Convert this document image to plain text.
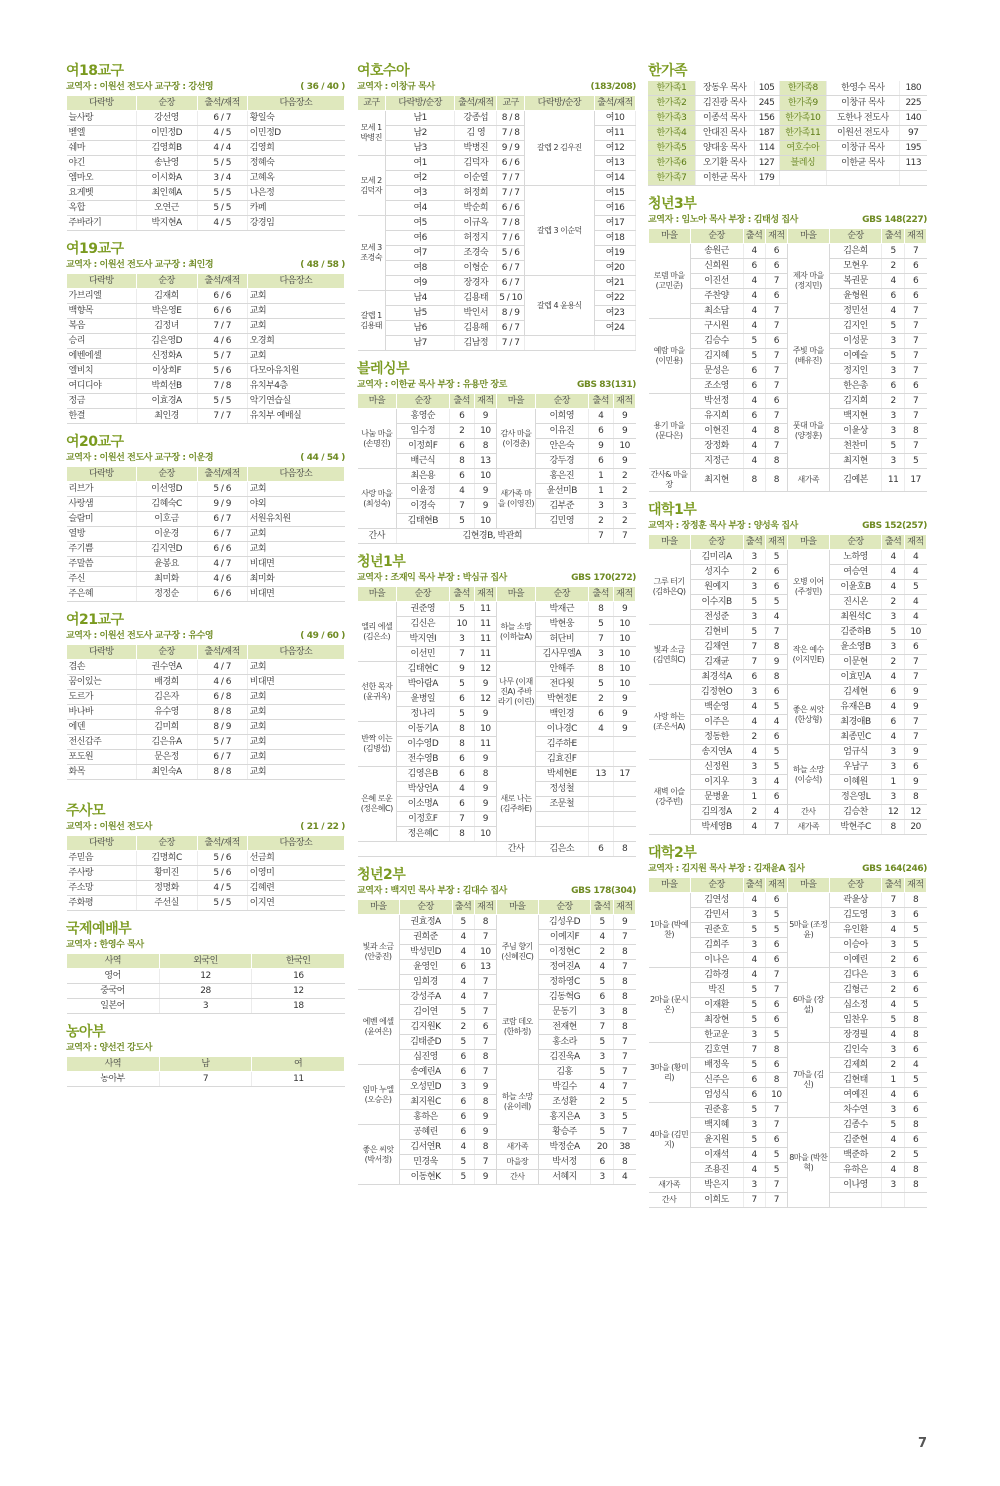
여18교구
교역자 : 이원선 전도사 교구장 : 강선영	( 36 / 40 )
다락방	순장	출석/재적	다음장소
늘사랑	강선영	6 / 7	황일숙
벧엘	이민정D	4 / 5	이민정D
쉐마	김영희B	4 / 4	김영희
야긴	송난영	5 / 5	정혜숙
엠마오	이시화A	3 / 4	고혜옥
요게벳	최인혜A	5 / 5	나은정
옥합	오연근	5 / 5	카페
주바라기	박지현A	4 / 5	강경임
여19교구
교역자 : 이원선 전도사 교구장 : 최인경	( 48 / 58 )
다락방	순장	출석/재적	다음장소
가브리엘	김재희	6 / 6	교회
백향목	박은영E	6 / 6	교회
복음	김정녀	7 / 7	교회
승리	김은영D	4 / 6	오경희
에벤에셀	신정화A	5 / 7	교회
엘비치	이상희F	5 / 6	다모아유치원
여디디야	박희선B	7 / 8	유치부4층
정금	이효경A	5 / 5	악기연습실
한결	최인경	7 / 7	유치부 예배실
여20교구
교역자 : 이원선 전도사 교구장 : 이운경	( 44 / 54 )
다락방	순장	출석/재적	다음장소
리브가	이선영D	5 / 6	교회
사랑샘	김혜숙C	9 / 9	야외
슬람미	이호금	6 / 7	서원유치원
열방	이운경	6 / 7	교회
주기쁨	김지연D	6 / 6	교회
주말씀	윤봉요	4 / 7	비대면
주신	최미화	4 / 6	최미화
주은혜	정정순	6 / 6	비대면
여21교구
교역자 : 이원선 전도사 교구장 : 유수영	( 49 / 60 )
다락방	순장	출석/재적	다음장소
겸손	권수연A	4 / 7	교회
꿈이있는	배경희	4 / 6	비대면
도르가	김은자	6 / 8	교회
바나바	유수영	8 / 8	교회
에덴	김미희	8 / 9	교회
전신갑주	김은유A	5 / 7	교회
포도원	문은정	6 / 7	교회
화목	최인숙A	8 / 8	교회
주사모
교역자 : 이원선 전도사	( 21 / 22 )
다락방	순장	출석/재적	다음장소
주믿음	김명희C	5 / 6	선금희
주사랑	황미진	5 / 6	이영미
주소망	정명화	4 / 5	김혜련
주화평	주선실	5 / 5	이지연
국제예배부
교역자 : 한영수 목사
사역	외국인	한국인
영어	12	16
중국어	28	12
일본어	3	18
농아부
교역자 : 양선건 강도사
사역	남	여
농아부	7	11
여호수아
교역자 : 이창규 목사	(183/208)
교구	다락방/순장	출석/재적	교구	다락방/순장	출석/재적	
모세 1 박병진	남1	강종섭	8 / 8	갈렙 2 김우진	여10		
	남2	김 영	7 / 8		여11		
	남3	박병진	9 / 9		여12		
모세 2 김덕자	여1	김덕자	6 / 6		여13		
	여2	이순열	7 / 7		여14		
	여3	허정희	7 / 7	갈렙 3 이순덕	여15		
	여4	박순희	6 / 6		여16		
모세 3 조경숙	여5	이규옥	7 / 8		여17		
	여6	허정지	7 / 6		여18		
	여7	조경숙	5 / 6		여19		
	여8	이형순	6 / 7		여20		
	여9	장경자	6 / 7	갈렙 4 윤용식	여21		
갈렙 1 김용태	남4	김용태	5 / 10		여22		
	남5	박인서	8 / 9		여23		
	남6	김용해	6 / 7		여24		
	남7	김남정	7 / 7				
블레싱부
교역자 : 이한균 목사 부장 : 유용만 장로	GBS 83(131)
마을	순장	출석	재적	마을	순장	출석	재적
나눔 마을 (손명진)	홍영순	6	9	감사 마을 (이경춘)	이희영	4	9
	임수정	2	10		이유진	6	9
	이정희F	6	8		안은숙	9	10
	배근식	8	13		강두경	6	9
사랑 마을 (최성숙)	최은용	6	10	새가족 마을 (이영진)	홍은진	1	2
	이윤정	4	9		윤선미B	1	2
	이경숙	7	9		김부준	3	3
	김태현B	5	10		김민영	2	2
간사	김현경B, 박관희					7	7
청년1부
교역자 : 조재익 목사 부장 : 박심규 집사	GBS 170(272)
마을	순장	출석	재적	마을	순장	출석	재적
엘리 에셀 (김은소)	권준영	5	11	하늘 소망 (이하늘A)	박재근	8	9
	김신은	10	11		박현웅	5	10
	박지연I	3	11		허단비	7	10
	이선민	7	11		김사무엘A	3	10
선한 목자 (윤귀옥)	김태현C	9	12	나무 (이재진A) 주바 라기 (이린)	안해주	8	10
	박아람A	5	9		전다윗	5	10
	윤병일	6	12		박현정E	2	9
	정나리	5	9		백인경	6	9
반짝 이는 (김병섭)	이동기A	8	10		이나경C	4	9
	이수영D	8	11		김주하E		
	전수영B	6	9		김효진F		
은혜 로운 (정은혜C)	김영은B	6	8	새로 나는 (김주하E)	박세현E	13	17
	박상언A	4	9		정성철		
	이소명A	6	9		조문철		
	이정호F	7	9				
	정은혜C	8	10				
				간사	김은소	6	8
청년2부
교역자 : 백지민 목사 부장 : 김대수 집사	GBS 178(304)
마을	순장	출석	재적	마을	순장	출석	재적
빛과 소금 (안중진)	권효정A	5	8	주님 향기 (신혜진C)	김성우D	5	9
	권희준	4	7		이예지F	4	7
	박성민D	4	10		이정현C	2	8
	윤영인	6	13		정여진A	4	7
	임희경	4	7		정하영C	5	8
에벤 에셀 (윤여은)	강성주A	4	7	코람 데오 (한하정)	김동혁G	6	8
	김이연	5	7		문동기	3	8
	김지원K	2	6		전재현	7	8
	김태준D	5	7		홍소라	5	7
	심진영	6	8		김진욱A	3	7
임마 누엘 (오승은)	송예린A	6	7	하늘 소망 (윤이레)	김홍	5	7
	오성민D	3	9		박길수	4	7
	최지원C	6	8		조성환	2	5
	홍하은	6	9		홍지은A	3	5
좋은 씨앗 (박서정)	공혜린	6	9		황승주	5	7
	김서연R	4	8	새가족	박정순A	20	38
	민경욱	5	7	마을장	박서정	6	8
	이동현K	5	9	간사	서혜지	3	4
한가족
한가족1	장동우 목사	105	한가족8	한영수 목사	180
한가족2	김진광 목사	245	한가족9	이창규 목사	225
한가족3	이종석 목사	156	한가족10	도한나 전도사	140
한가족4	안대진 목사	187	한가족11	이원선 전도사	97
한가족5	양대웅 목사	114	여호수아	이창규 목사	195
한가족6	오기환 목사	127	블레싱	이한균 목사	113
한가족7	이한균 목사	179			
청년3부
교역자 : 임노아 목사 부장 : 김태성 집사	GBS 148(227)
마을	순장	출석	재적	마을	순장	출석	재적
로뎀 마을 (고민준)	송원근	4	6	제자 마을 (정지민)	김은희	5	7
	신희원	6	6		모현우	2	6
	이진선	4	7		복권문	4	6
	주찬양	4	6		윤형원	6	6
	최소담	4	7		정민선	4	7
예람 마을 (이민용)	구시원	4	7	주빛 마을 (배유진)	김지인	5	7
	김승수	5	6		이성문	3	7
	김지혜	5	7		이예슬	5	7
	문성은	6	7		정지인	3	7
	조소영	6	7		한은총	6	6
용기 마을 (문다은)	박선정	4	6	풋대 마을 (양정훈)	김지희	2	7
	유지희	6	7		백지현	3	7
	이현진	4	8		이윤상	3	8
	장정화	4	7		천찬미	5	7
	지정근	4	8		최지현	3	5
간사& 마을장	최지현	8	8	새가족	김예본	11	17
대학1부
교역자 : 장정훈 목사 부장 : 양성욱 집사	GBS 152(257)
마을	순장	출석	재적	마을	순장	출석	재적
그루 터기 (김하은Q)	김미리A	3	5	오병 이어 (주정민)	노하영	4	4
	성지수	2	6		여승연	4	4
	원예지	3	6		이윤호B	4	5
	이수지B	5	5		진시온	2	4
	전성준	3	4		최원석C	3	4
빛과 소금 (김연희C)	김현비	5	7	작은 예수 (이지민E)	김준하B	5	10
	김채연	7	8		윤소영B	3	6
	김재균	7	9		이문현	2	7
	최경석A	6	8		이효민A	4	7
사랑 하는 (조은서A)	김정현O	3	6	좋은 씨앗 (한상형)	김세현	6	9
	백순영	4	5		유재은B	4	9
	이주은	4	4		최경애B	6	7
	정동한	2	6		최종민C	4	7
	송지연A	4	5	하늘 소망 (이승석)	엄규식	3	9
새벽 이슬 (강주빈)	신정원	3	5		우남구	3	6
	이지우	3	4		이혜원	1	9
	문병윤	1	6		정은영L	3	8
	김의정A	2	4	간사	김승찬	12	12
	박세영B	4	7	새가족	박현주C	8	20
대학2부
교역자 : 김지원 목사 부장 : 김재윤A 집사	GBS 164(246)
마을	순장	출석	재적	마을	순장	출석	재적
1마을 (박예찬)	김연성	4	6	5마을 (조정윤)	곽윤상	7	8
	감민서	3	5		김도영	3	6
	권준호	5	5		유인환	4	5
	김희주	3	6		이승아	3	5
	이나은	4	6		이예린	2	6
2마을 (문시온)	김하경	4	7	6마을 (장설)	김다은	3	6
	박진	5	7		김형근	2	6
	이재환	5	6		심소정	4	5
	최장현	5	6		임찬우	5	8
	한교운	3	5		장경필	4	8
3마을 (황미리)	김호연	7	8	7마을 (김신)	김인숙	3	6
	배정욱	5	6		김제희	2	4
	신주은	6	8		김현태	1	5
	엄성식	6	10		여예진	4	6
4마을 (김민지)	권준홍	5	7		차수연	3	6
	백지혜	3	7	8마을 (박찬혁)	김종수	5	8
	윤지원	5	6		김준현	4	6
	이재석	4	5		백준하	2	5
	조용진	4	5		유하은	4	8
새가족	박은지	3	7		이나영	3	8
간사	이희도	7	7				
7
